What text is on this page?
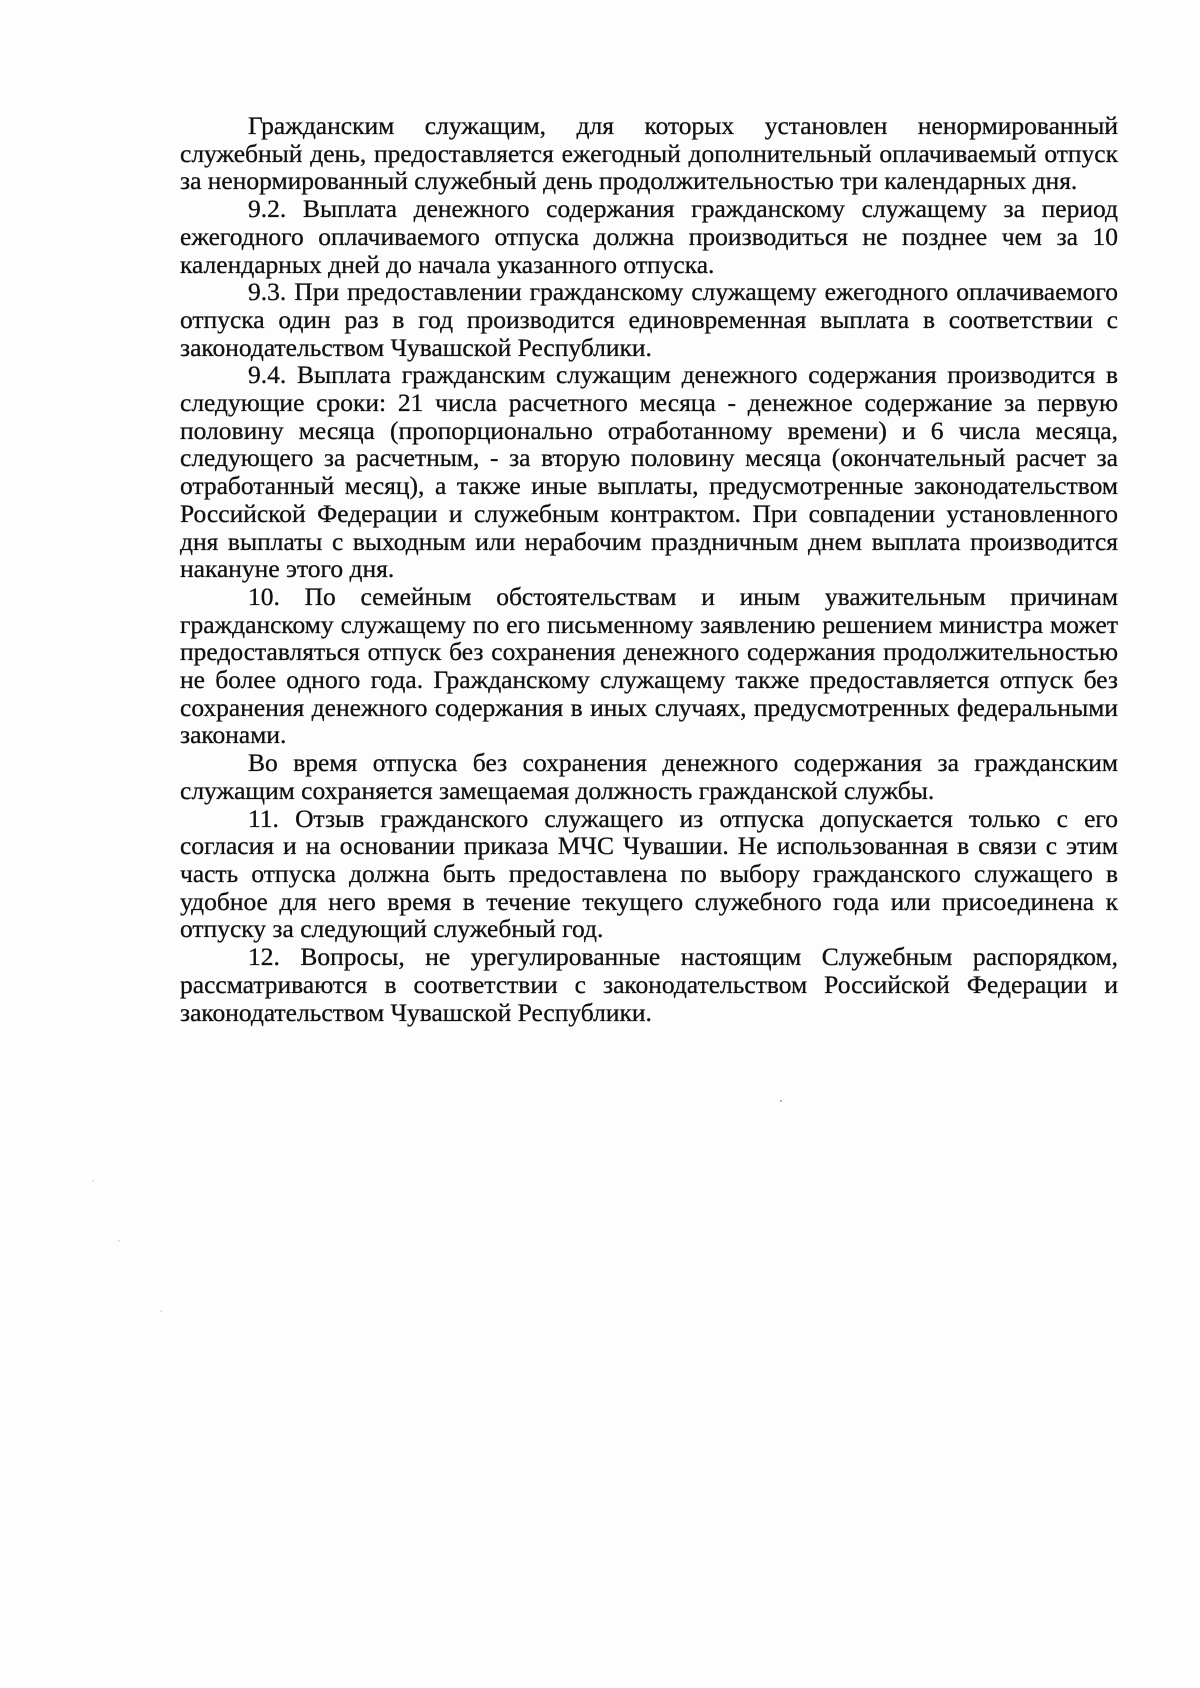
Гражданским служащим, для которых установлен ненормированный служебный день, предоставляется ежегодный дополнительный оплачиваемый отпуск за ненормированный служебный день продолжительностью три календарных дня.

9.2. Выплата денежного содержания гражданскому служащему за период ежегодного оплачиваемого отпуска должна производиться не позднее чем за 10 календарных дней до начала указанного отпуска.

9.3. При предоставлении гражданскому служащему ежегодного оплачиваемого отпуска один раз в год производится единовременная выплата в соответствии с законодательством Чувашской Республики.

9.4. Выплата гражданским служащим денежного содержания производится в следующие сроки: 21 числа расчетного месяца - денежное содержание за первую половину месяца (пропорционально отработанному времени) и 6 числа месяца, следующего за расчетным, - за вторую половину месяца (окончательный расчет за отработанный месяц), а также иные выплаты, предусмотренные законодательством Российской Федерации и служебным контрактом. При совпадении установленного дня выплаты с выходным или нерабочим праздничным днем выплата производится накануне этого дня.

10. По семейным обстоятельствам и иным уважительным причинам гражданскому служащему по его письменному заявлению решением министра может предоставляться отпуск без сохранения денежного содержания продолжительностью не более одного года. Гражданскому служащему также предоставляется отпуск без сохранения денежного содержания в иных случаях, предусмотренных федеральными законами.

Во время отпуска без сохранения денежного содержания за гражданским служащим сохраняется замещаемая должность гражданской службы.

11. Отзыв гражданского служащего из отпуска допускается только с его согласия и на основании приказа МЧС Чувашии. Не использованная в связи с этим часть отпуска должна быть предоставлена по выбору гражданского служащего в удобное для него время в течение текущего служебного года или присоединена к отпуску за следующий служебный год.

12. Вопросы, не урегулированные настоящим Служебным распорядком, рассматриваются в соответствии с законодательством Российской Федерации и законодательством Чувашской Республики.
